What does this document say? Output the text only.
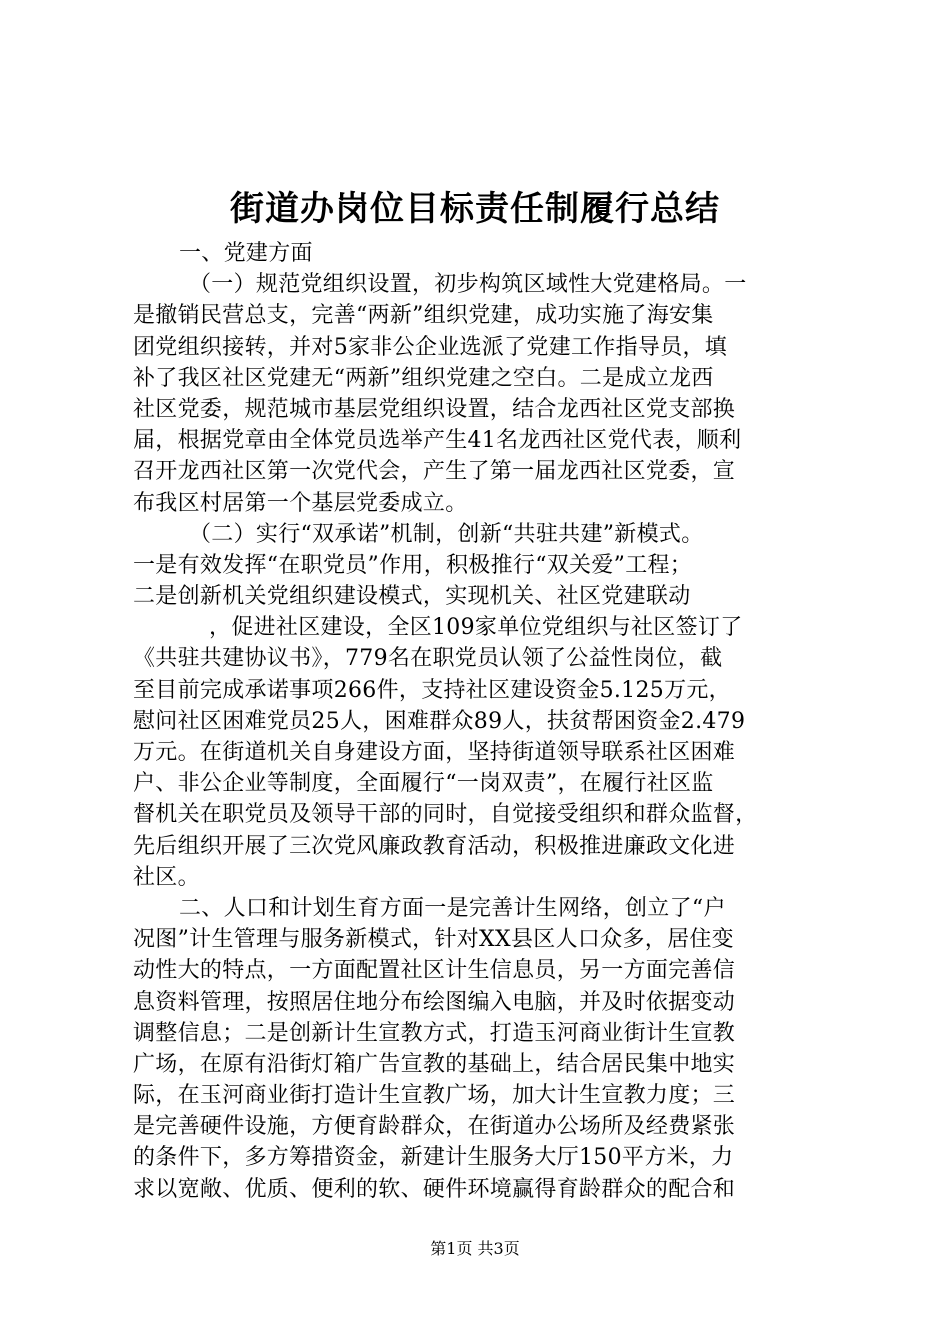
街道办岗位目标责任制履行总结
一、党建方面
（一）规范党组织设置，初步构筑区域性大党建格局。一
是撤销民营总支，完善“两新”组织党建，成功实施了海安集
团党组织接转，并对5家非公企业选派了党建工作指导员，填
补了我区社区党建无“两新”组织党建之空白。二是成立龙西
社区党委，规范城市基层党组织设置，结合龙西社区党支部换
届，根据党章由全体党员选举产生41名龙西社区党代表，顺利
召开龙西社区第一次党代会，产生了第一届龙西社区党委，宣
布我区村居第一个基层党委成立。
（二）实行“双承诺”机制，创新“共驻共建”新模式。
一是有效发挥“在职党员”作用，积极推行“双关爱”工程；
二是创新机关党组织建设模式，实现机关、社区党建联动
，促进社区建设，全区109家单位党组织与社区签订了
《共驻共建协议书》，779名在职党员认领了公益性岗位，截
至目前完成承诺事项266件，支持社区建设资金5.125万元，
慰问社区困难党员25人，困难群众89人，扶贫帮困资金2.479
万元。在街道机关自身建设方面，坚持街道领导联系社区困难
户、非公企业等制度，全面履行“一岗双责”，在履行社区监
督机关在职党员及领导干部的同时，自觉接受组织和群众监督，
先后组织开展了三次党风廉政教育活动，积极推进廉政文化进
社区。
二、人口和计划生育方面一是完善计生网络，创立了“户
况图”计生管理与服务新模式，针对XX县区人口众多，居住变
动性大的特点，一方面配置社区计生信息员，另一方面完善信
息资料管理，按照居住地分布绘图编入电脑，并及时依据变动
调整信息；二是创新计生宣教方式，打造玉河商业街计生宣教
广场，在原有沿街灯箱广告宣教的基础上，结合居民集中地实
际，在玉河商业街打造计生宣教广场，加大计生宣教力度；三
是完善硬件设施，方便育龄群众，在街道办公场所及经费紧张
的条件下，多方筹措资金，新建计生服务大厅150平方米，力
求以宽敞、优质、便利的软、硬件环境赢得育龄群众的配合和
第1页 共3页
